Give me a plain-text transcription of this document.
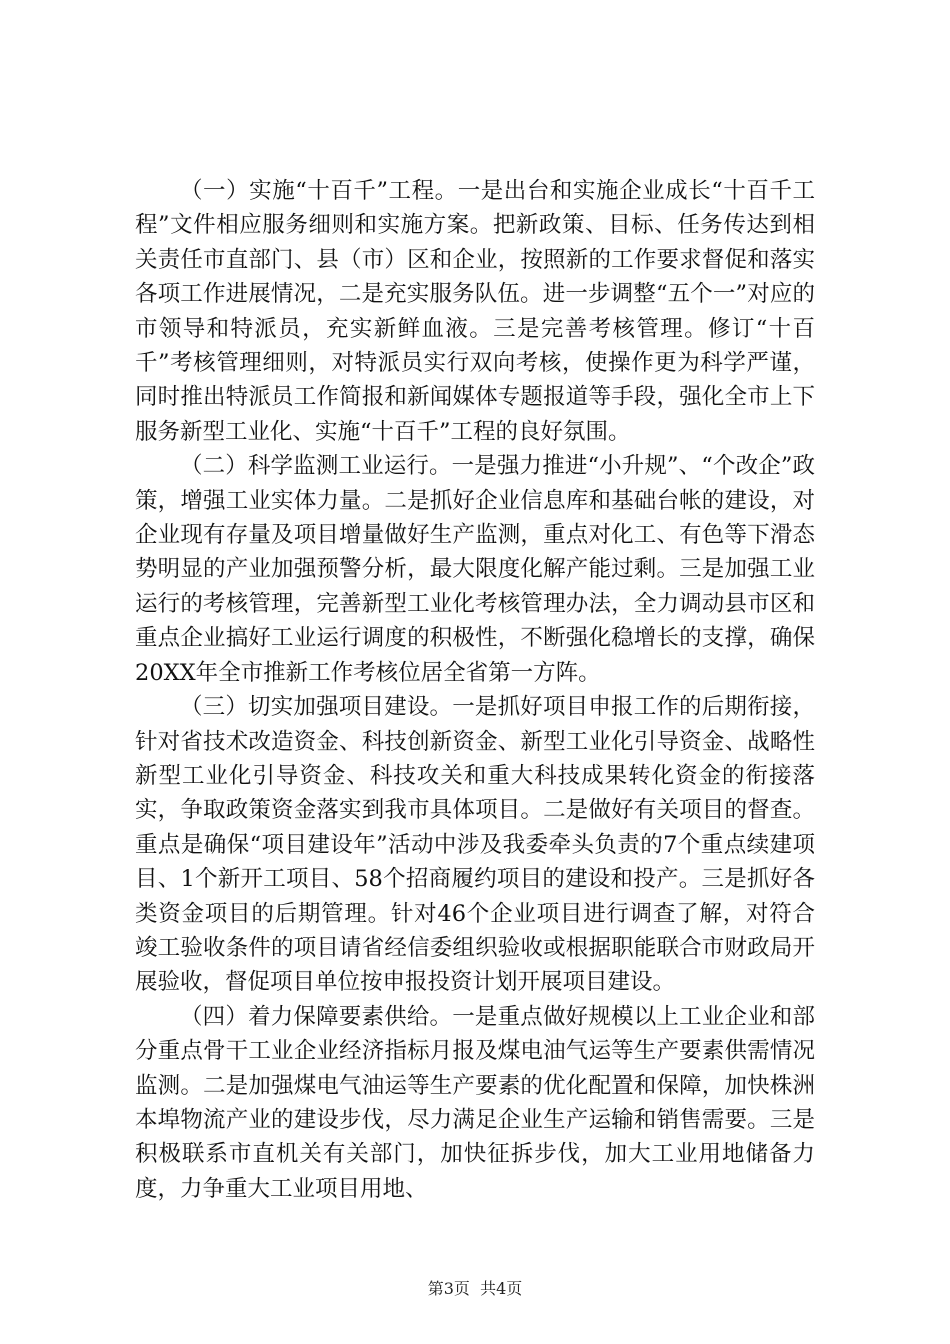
（一）实施“十百千”工程。一是出台和实施企业成长“十百千工程”文件相应服务细则和实施方案。把新政策、目标、任务传达到相关责任市直部门、县（市）区和企业，按照新的工作要求督促和落实各项工作进展情况，二是充实服务队伍。进一步调整“五个一”对应的市领导和特派员，充实新鲜血液。三是完善考核管理。修订“十百千”考核管理细则，对特派员实行双向考核，使操作更为科学严谨，同时推出特派员工作简报和新闻媒体专题报道等手段，强化全市上下服务新型工业化、实施“十百千”工程的良好氛围。

（二）科学监测工业运行。一是强力推进“小升规”、“个改企”政策，增强工业实体力量。二是抓好企业信息库和基础台帐的建设，对企业现有存量及项目增量做好生产监测，重点对化工、有色等下滑态势明显的产业加强预警分析，最大限度化解产能过剩。三是加强工业运行的考核管理，完善新型工业化考核管理办法，全力调动县市区和重点企业搞好工业运行调度的积极性，不断强化稳增长的支撑，确保20XX年全市推新工作考核位居全省第一方阵。

（三）切实加强项目建设。一是抓好项目申报工作的后期衔接，针对省技术改造资金、科技创新资金、新型工业化引导资金、战略性新型工业化引导资金、科技攻关和重大科技成果转化资金的衔接落实，争取政策资金落实到我市具体项目。二是做好有关项目的督查。重点是确保“项目建设年”活动中涉及我委牵头负责的7个重点续建项目、1个新开工项目、58个招商履约项目的建设和投产。三是抓好各类资金项目的后期管理。针对46个企业项目进行调查了解，对符合竣工验收条件的项目请省经信委组织验收或根据职能联合市财政局开展验收，督促项目单位按申报投资计划开展项目建设。

（四）着力保障要素供给。一是重点做好规模以上工业企业和部分重点骨干工业企业经济指标月报及煤电油气运等生产要素供需情况监测。二是加强煤电气油运等生产要素的优化配置和保障，加快株洲本埠物流产业的建设步伐，尽力满足企业生产运输和销售需要。三是积极联系市直机关有关部门，加快征拆步伐，加大工业用地储备力度，力争重大工业项目用地、

第3页  共4页
